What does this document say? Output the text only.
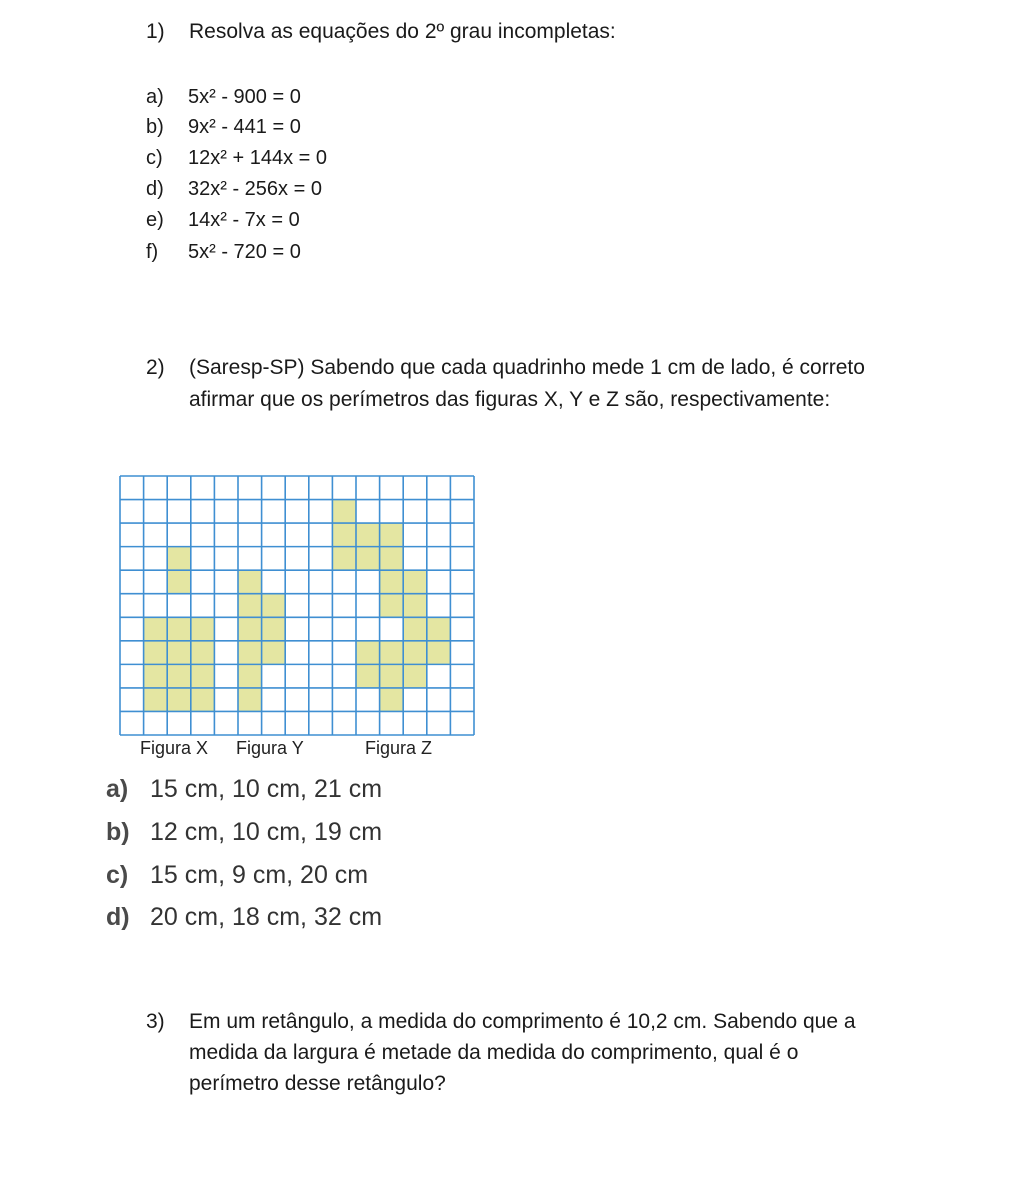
1) Resolva as equações do 2º grau incompletas:
a)	5x² - 900 = 0
b)	9x² - 441 = 0
c)	12x² + 144x = 0
d)	32x² - 256x = 0
e)	14x² - 7x = 0
f)	5x² - 720 = 0
2) (Saresp-SP) Sabendo que cada quadrinho mede 1 cm de lado, é correto
afirmar que os perímetros das figuras X, Y e Z são, respectivamente:
Figura X Figura Y	Figura Z
a) 15 cm, 10 cm, 21 cm
b) 12 cm, 10 cm, 19 cm
c) 15 cm, 9 cm, 20 cm
d) 20 cm, 18 cm, 32 cm
3) Em um retângulo, a medida do comprimento é 10,2 cm. Sabendo que a
medida da largura é metade da medida do comprimento, qual é o
perímetro desse retângulo?
